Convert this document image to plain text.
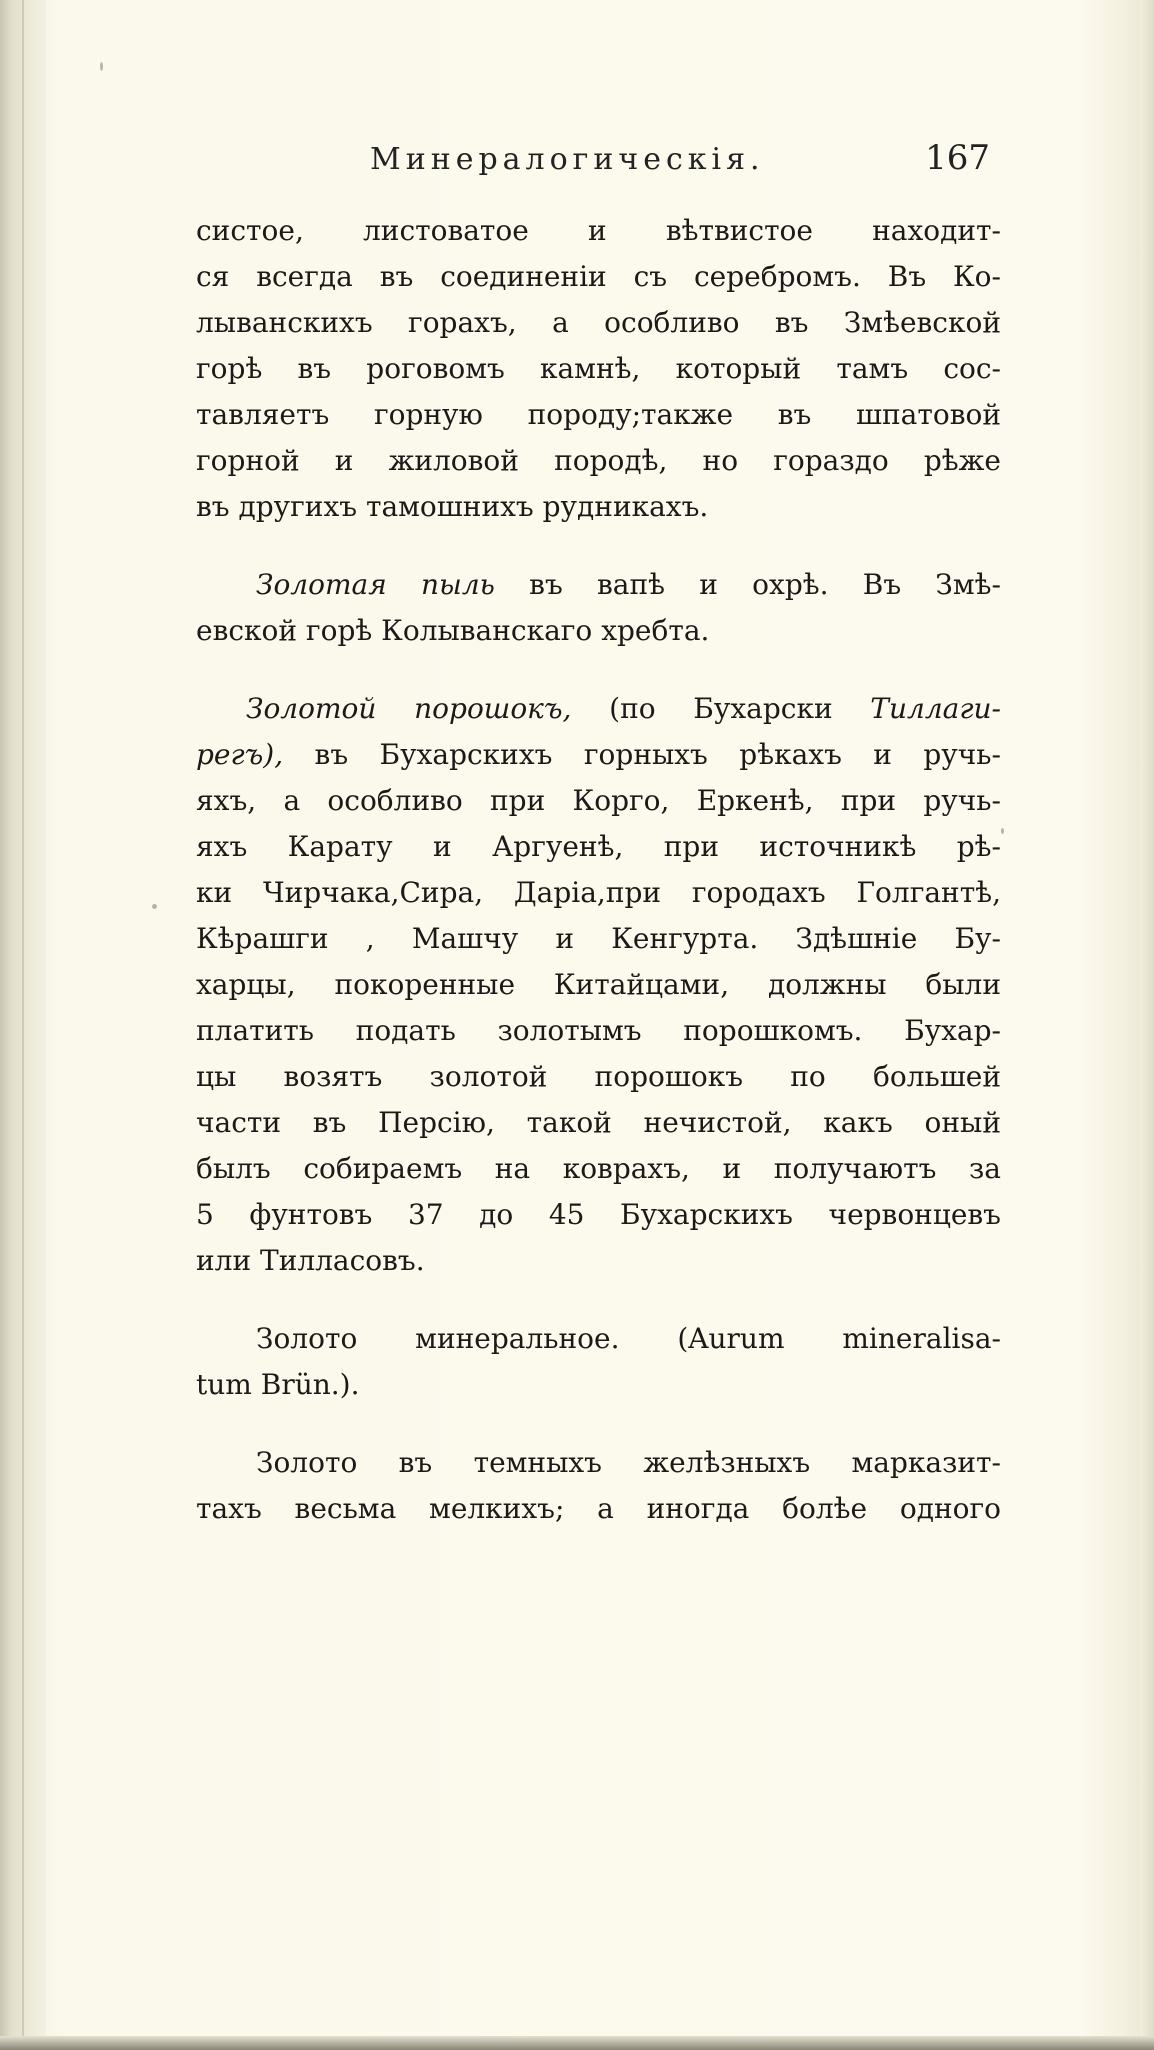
Минералогическія.	167
систое, листоватое и вѣтвистое находит-
ся всегда въ соединеніи съ серебромъ. Въ Ко-
лыванскихъ горахъ, а особливо въ Змѣевской
горѣ въ роговомъ камнѣ, который тамъ сос-
тавляетъ горную породу;также въ шпатовой
горной и жиловой породѣ, но гораздо рѣже
въ другихъ тамошнихъ рудникахъ.
Золотая пыль въ вапѣ и охрѣ. Въ Змѣ-
евской горѣ Колыванскаго хребта.
Золотой порошокъ, (по Бухарски Тиллаги-
регъ), въ Бухарскихъ горныхъ рѣкахъ и ручь-
яхъ, а особливо при Корго, Еркенѣ, при ручь-
яхъ Карату и Аргуенѣ, при источникѣ рѣ-
ки Чирчака,Сира, Даріа,при городахъ Голгантѣ,
Кѣрашги , Машчу и Кенгурта. Здѣшніе Бу-
харцы, покоренные Китайцами, должны были
платить подать золотымъ порошкомъ. Бухар-
цы возятъ золотой порошокъ по большей
части въ Персію, такой нечистой, какъ оный
былъ собираемъ на коврахъ, и получаютъ за
5 фунтовъ 37 до 45 Бухарскихъ червонцевъ
или Тилласовъ.
Золото минеральное. (Aurum mineralisa-
tum Brün.).
Золото въ темныхъ желѣзныхъ марказит-
тахъ весьма мелкихъ; а иногда болѣе одного
